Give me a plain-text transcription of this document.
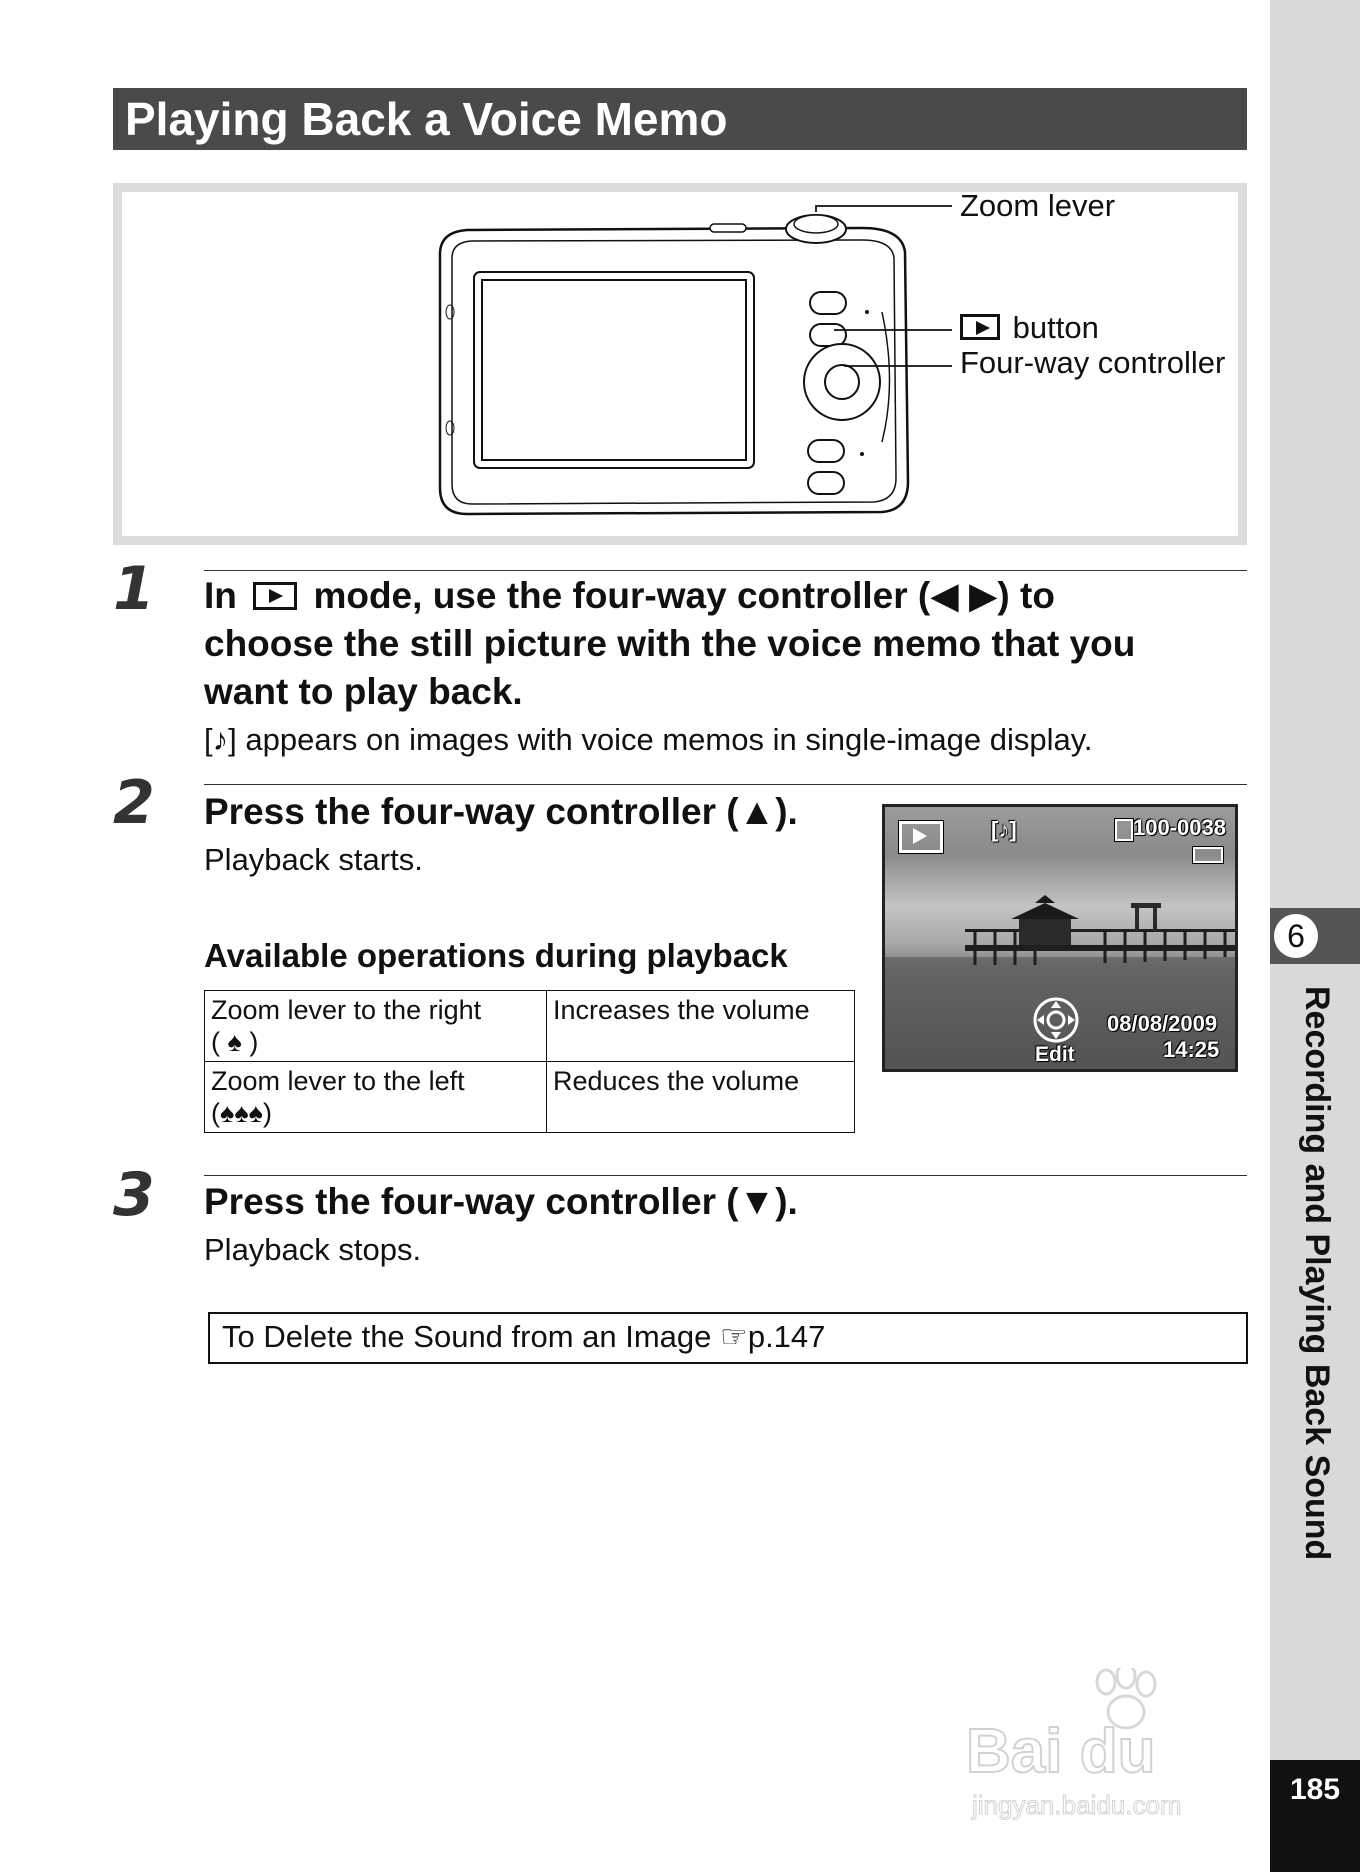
Playing Back a Voice Memo
Zoom lever
button
Four-way controller
1 In mode, use the four-way controller (◀ ▶) to
choose the still picture with the voice memo that you
want to play back.
[♪] appears on images with voice memos in single-image display.
2 Press the four-way controller (▲).
Playback starts.
Available operations during playback
Zoom lever to the right
( ♠ )	Increases the volume

Zoom lever to the left
(♠♠♠)	Reduces the volume
[♪]	100-0038
Edit
08/08/2009
14:25
3 Press the four-way controller (▼).
Playback stops.
To Delete the Sound from an Image ☞p.147
6
Recording and Playing Back Sound
185
Bai du
jingyan.baidu.com
